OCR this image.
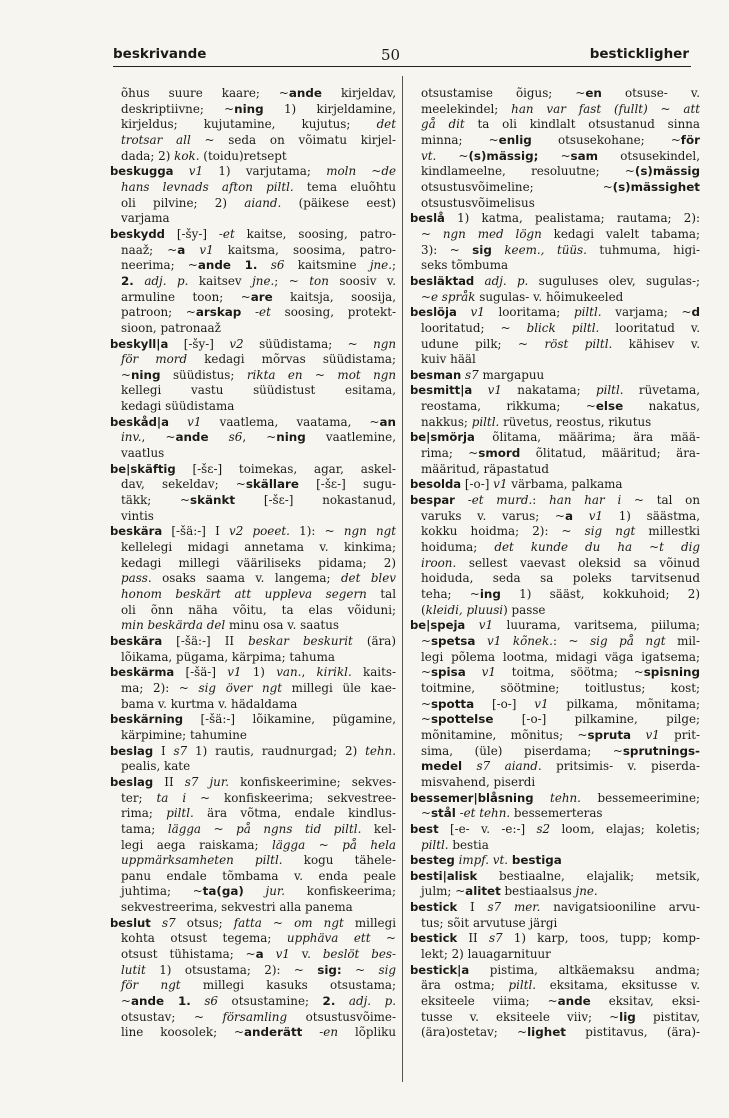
beskrivande	50	bestickligher
õhus suure kaare; ~ande kirjeldav,
deskriptiivne; ~ning 1) kirjeldamine,
kirjeldus; kujutamine, kujutus; det
trotsar all ~ seda on võimatu kirjel-
dada; 2) kok. (toidu)retsept
beskugga v1 1) varjutama; moln ~de
hans levnads afton piltl. tema eluõhtu
oli pilvine; 2) aiand. (päikese eest)
varjama
beskydd [-šy-] -et kaitse, soosing, patro-
naaž; ~a v1 kaitsma, soosima, patro-
neerima; ~ande 1. s6 kaitsmine jne.;
2. adj. p. kaitsev jne.; ~ ton soosiv v.
armuline toon; ~are kaitsja, soosija,
patroon; ~arskap -et soosing, protekt-
sioon, patronaaž
beskyll|a [-šy-] v2 süüdistama; ~ ngn
för mord kedagi mõrvas süüdistama;
~ning süüdistus; rikta en ~ mot ngn
kellegi vastu süüdistust esitama,
kedagi süüdistama
beskåd|a v1 vaatlema, vaatama, ~an
inv., ~ande s6, ~ning vaatlemine,
vaatlus
be|skäftig [-šε-] toimekas, agar, askel-
dav, sekeldav; ~skällare [-šε-] sugu-
täkk; ~skänkt [-šε-] nokastanud,
vintis
beskära [-šä:-] I v2 poeet. 1): ~ ngn ngt
kellelegi midagi annetama v. kinkima;
kedagi millegi vääriliseks pidama; 2)
pass. osaks saama v. langema; det blev
honom beskärt att uppleva segern tal
oli õnn näha võitu, ta elas võiduni;
min beskärda del minu osa v. saatus
beskära [-šä:-] II beskar beskurit (ära)
lõikama, pügama, kärpima; tahuma
beskärma [-šä-] v1 1) van., kirikl. kaits-
ma; 2): ~ sig över ngt millegi üle kae-
bama v. kurtma v. hädaldama
beskärning [-šä:-] lõikamine, pügamine,
kärpimine; tahumine
beslag I s7 1) rautis, raudnurgad; 2) tehn.
pealis, kate
beslag II s7 jur. konfiskeerimine; sekves-
ter; ta i ~ konfiskeerima; sekvestree-
rima; piltl. ära võtma, endale kindlus-
tama; lägga ~ på ngns tid piltl. kel-
legi aega raiskama; lägga ~ på hela
uppmärksamheten piltl. kogu tähele-
panu endale tõmbama v. enda peale
juhtima; ~ta(ga) jur. konfiskeerima;
sekvestreerima, sekvestri alla panema
beslut s7 otsus; fatta ~ om ngt millegi
kohta otsust tegema; upphäva ett ~
otsust tühistama; ~a v1 v. beslöt bes-
lutit 1) otsustama; 2): ~ sig: ~ sig
för ngt millegi kasuks otsustama;
~ande 1. s6 otsustamine; 2. adj. p.
otsustav; ~ församling otsustusvõime-
line koosolek; ~anderätt -en lõpliku
otsustamise õigus; ~en otsuse- v.
meelekindel; han var fast (fullt) ~ att
gå dit ta oli kindlalt otsustanud sinna
minna; ~enlig otsusekohane; ~för
vt. ~(s)mässig; ~sam otsusekindel,
kindlameelne, resoluutne; ~(s)mässig
otsustusvõimeline; ~(s)mässighet
otsustusvõimelisus
beslå 1) katma, pealistama; rautama; 2):
~ ngn med lögn kedagi valelt tabama;
3): ~ sig keem., tüüs. tuhmuma, higi-
seks tõmbuma
besläktad adj. p. suguluses olev, sugulas-;
~e språk sugulas- v. hõimukeeled
beslöja v1 looritama; piltl. varjama; ~d
looritatud; ~ blick piltl. looritatud v.
udune pilk; ~ röst piltl. kähisev v.
kuiv hääl
besman s7 margapuu
besmitt|a v1 nakatama; piltl. rüvetama,
reostama, rikkuma; ~else nakatus,
nakkus; piltl. rüvetus, reostus, rikutus
be|smörja õlitama, määrima; ära mää-
rima; ~smord õlitatud, määritud; ära-
määritud, räpastatud
besolda [-o-] v1 värbama, palkama
bespar -et murd.: han har i ~ tal on
varuks v. varus; ~a v1 1) säästma,
kokku hoidma; 2): ~ sig ngt millestki
hoiduma; det kunde du ha ~t dig
iroon. sellest vaevast oleksid sa võinud
hoiduda, seda sa poleks tarvitsenud
teha; ~ing 1) sääst, kokkuhoid; 2)
(kleidi, pluusi) passe
be|speja v1 luurama, varitsema, piiluma;
~spetsa v1 kõnek.: ~ sig på ngt mil-
legi põlema lootma, midagi väga igatsema;
~spisa v1 toitma, söötma; ~spisning
toitmine, söötmine; toitlustus; kost;
~spotta [-o-] v1 pilkama, mõnitama;
~spottelse [-o-] pilkamine, pilge;
mõnitamine, mõnitus; ~spruta v1 prit-
sima, (üle) piserdama; ~sprutnings-
medel s7 aiand. pritsimis- v. piserda-
misvahend, piserdi
bessemer|blåsning tehn. bessemeerimine;
~stål -et tehn. bessemerteras
best [-e- v. -e:-] s2 loom, elajas; koletis;
piltl. bestia
besteg impf. vt. bestiga
besti|alisk bestiaalne, elajalik; metsik,
julm; ~alitet bestiaalsus jne.
bestick I s7 mer. navigatsiooniline arvu-
tus; sõit arvutuse järgi
bestick II s7 1) karp, toos, tupp; komp-
lekt; 2) lauagarnituur
bestick|a pistima, altkäemaksu andma;
ära ostma; piltl. eksitama, eksitusse v.
eksiteele viima; ~ande eksitav, eksi-
tusse v. eksiteele viiv; ~lig pistitav,
(ära)ostetav; ~lighet pistitavus, (ära)-
